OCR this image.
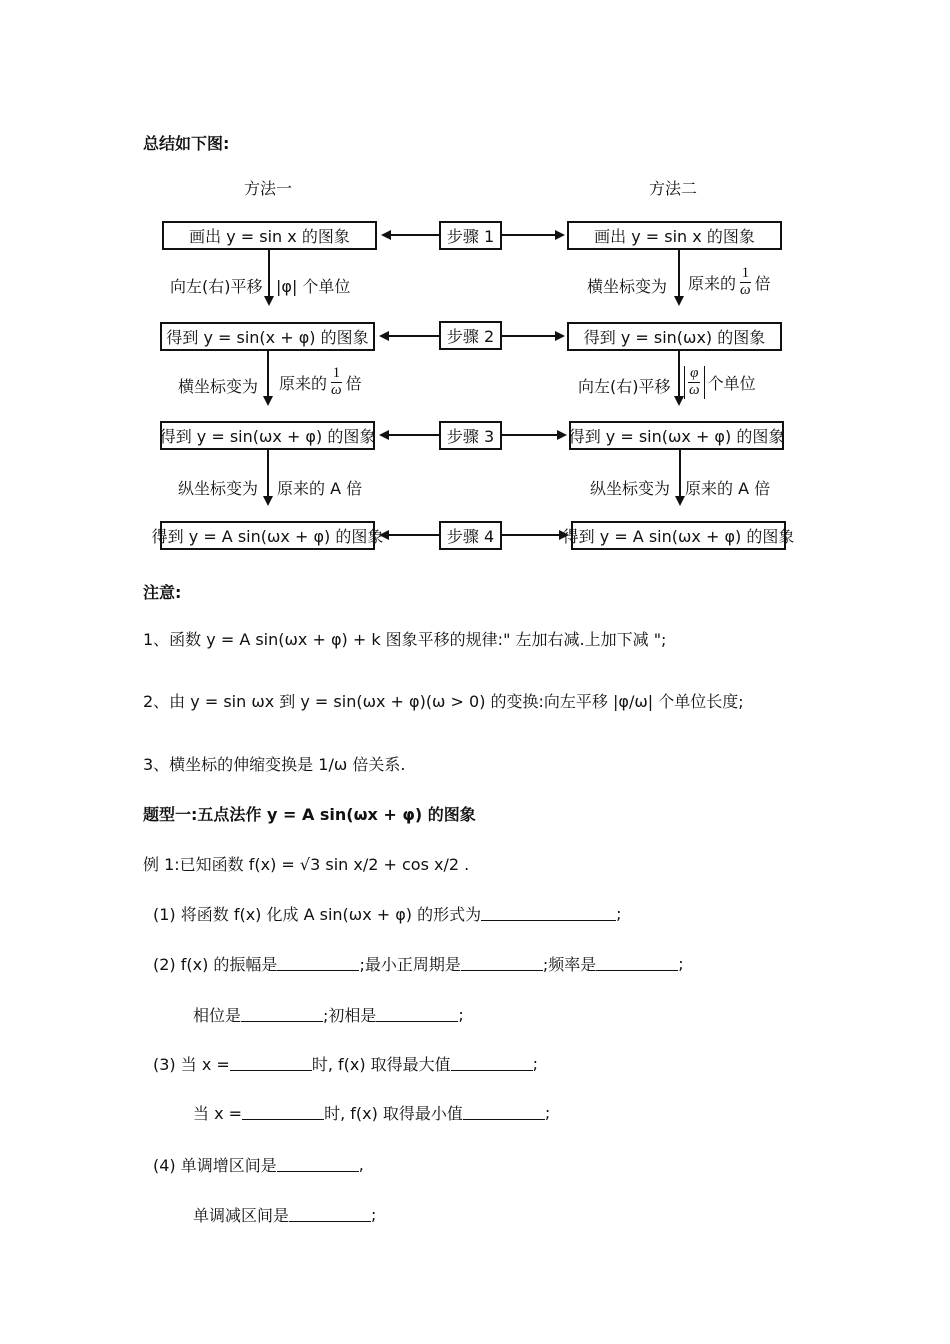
总结如下图:
方法一	方法二
画出 y = sin x 的图象	步骤 1	画出 y = sin x 的图象
得到 y = sin(x + φ) 的图象	步骤 2	得到 y = sin(ωx) 的图象
得到 y = sin(ωx + φ) 的图象	步骤 3	得到 y = sin(ωx + φ) 的图象
得到 y = A sin(ωx + φ) 的图象	步骤 4	得到 y = A sin(ωx + φ) 的图象
向左(右)平移 |φ| 个单位
横坐标变为 原来的 $\frac{1}{\omega}$ 倍
纵坐标变为 原来的 A 倍
横坐标变为 原来的 $\frac{1}{\omega}$ 倍
向左(右)平移 $\frac{\varphi}{\omega}$ 个单位
纵坐标变为 原来的 A 倍
注意:
1、函数 y = A sin(ωx + φ) + k 图象平移的规律:" 左加右减.上加下减 ";
2、由 y = sin ωx 到 y = sin(ωx + φ)(ω > 0) 的变换:向左平移 |φ/ω| 个单位长度;
3、横坐标的伸缩变换是 1/ω 倍关系.
题型一:五点法作 y = A sin(ωx + φ) 的图象
例 1:已知函数 f(x) = √3 sin x/2 + cos x/2 .
(1) 将函数 f(x) 化成 A sin(ωx + φ) 的形式为	;
(2) f(x) 的振幅是	;最小正周期是	;频率是	;
相位是	;初相是	;
(3) 当 x =	时, f(x) 取得最大值	;
当 x =	时, f(x) 取得最小值	;
(4) 单调增区间是	,
单调减区间是	;
